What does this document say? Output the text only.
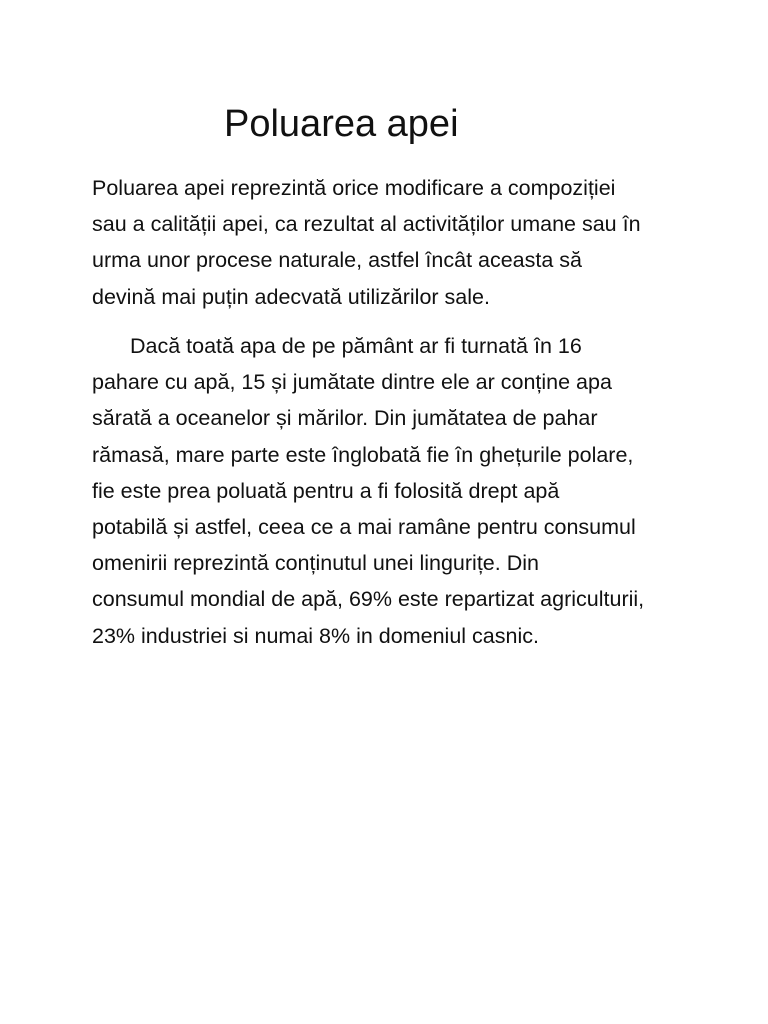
Poluarea apei

Poluarea apei reprezintă orice modificare a compoziției
sau a calității apei, ca rezultat al activităților umane sau în
urma unor procese naturale, astfel încât aceasta să
devină mai puțin adecvată utilizărilor sale.

Dacă toată apa de pe pământ ar fi turnată în 16
pahare cu apă, 15 și jumătate dintre ele ar conține apa
sărată a oceanelor și mărilor. Din jumătatea de pahar
rămasă, mare parte este înglobată fie în ghețurile polare,
fie este prea poluată pentru a fi folosită drept apă
potabilă și astfel, ceea ce a mai ramâne pentru consumul
omenirii reprezintă conținutul unei lingurițe. Din
consumul mondial de apă, 69% este repartizat agriculturii,
23% industriei si numai 8% in domeniul casnic.
